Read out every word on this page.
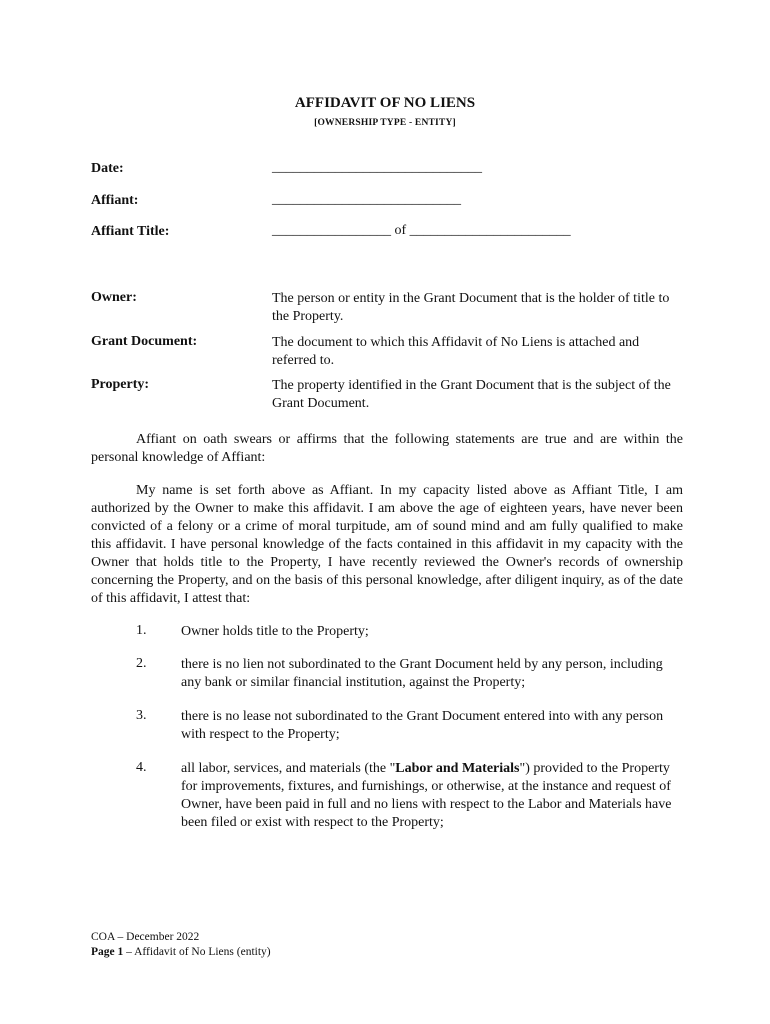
AFFIDAVIT OF NO LIENS
[OWNERSHIP TYPE - ENTITY]
Date:	______________________________
Affiant:	___________________________
Affiant Title:	_________________ of _______________________
Owner:	The person or entity in the Grant Document that is the holder of title to the Property.
Grant Document:	The document to which this Affidavit of No Liens is attached and referred to.
Property:	The property identified in the Grant Document that is the subject of the Grant Document.
Affiant on oath swears or affirms that the following statements are true and are within the personal knowledge of Affiant:
My name is set forth above as Affiant. In my capacity listed above as Affiant Title, I am authorized by the Owner to make this affidavit. I am above the age of eighteen years, have never been convicted of a felony or a crime of moral turpitude, am of sound mind and am fully qualified to make this affidavit. I have personal knowledge of the facts contained in this affidavit in my capacity with the Owner that holds title to the Property, I have recently reviewed the Owner's records of ownership concerning the Property, and on the basis of this personal knowledge, after diligent inquiry, as of the date of this affidavit, I attest that:
1. Owner holds title to the Property;
2. there is no lien not subordinated to the Grant Document held by any person, including any bank or similar financial institution, against the Property;
3. there is no lease not subordinated to the Grant Document entered into with any person with respect to the Property;
4. all labor, services, and materials (the "Labor and Materials") provided to the Property for improvements, fixtures, and furnishings, or otherwise, at the instance and request of Owner, have been paid in full and no liens with respect to the Labor and Materials have been filed or exist with respect to the Property;
COA – December 2022
Page 1 – Affidavit of No Liens (entity)
